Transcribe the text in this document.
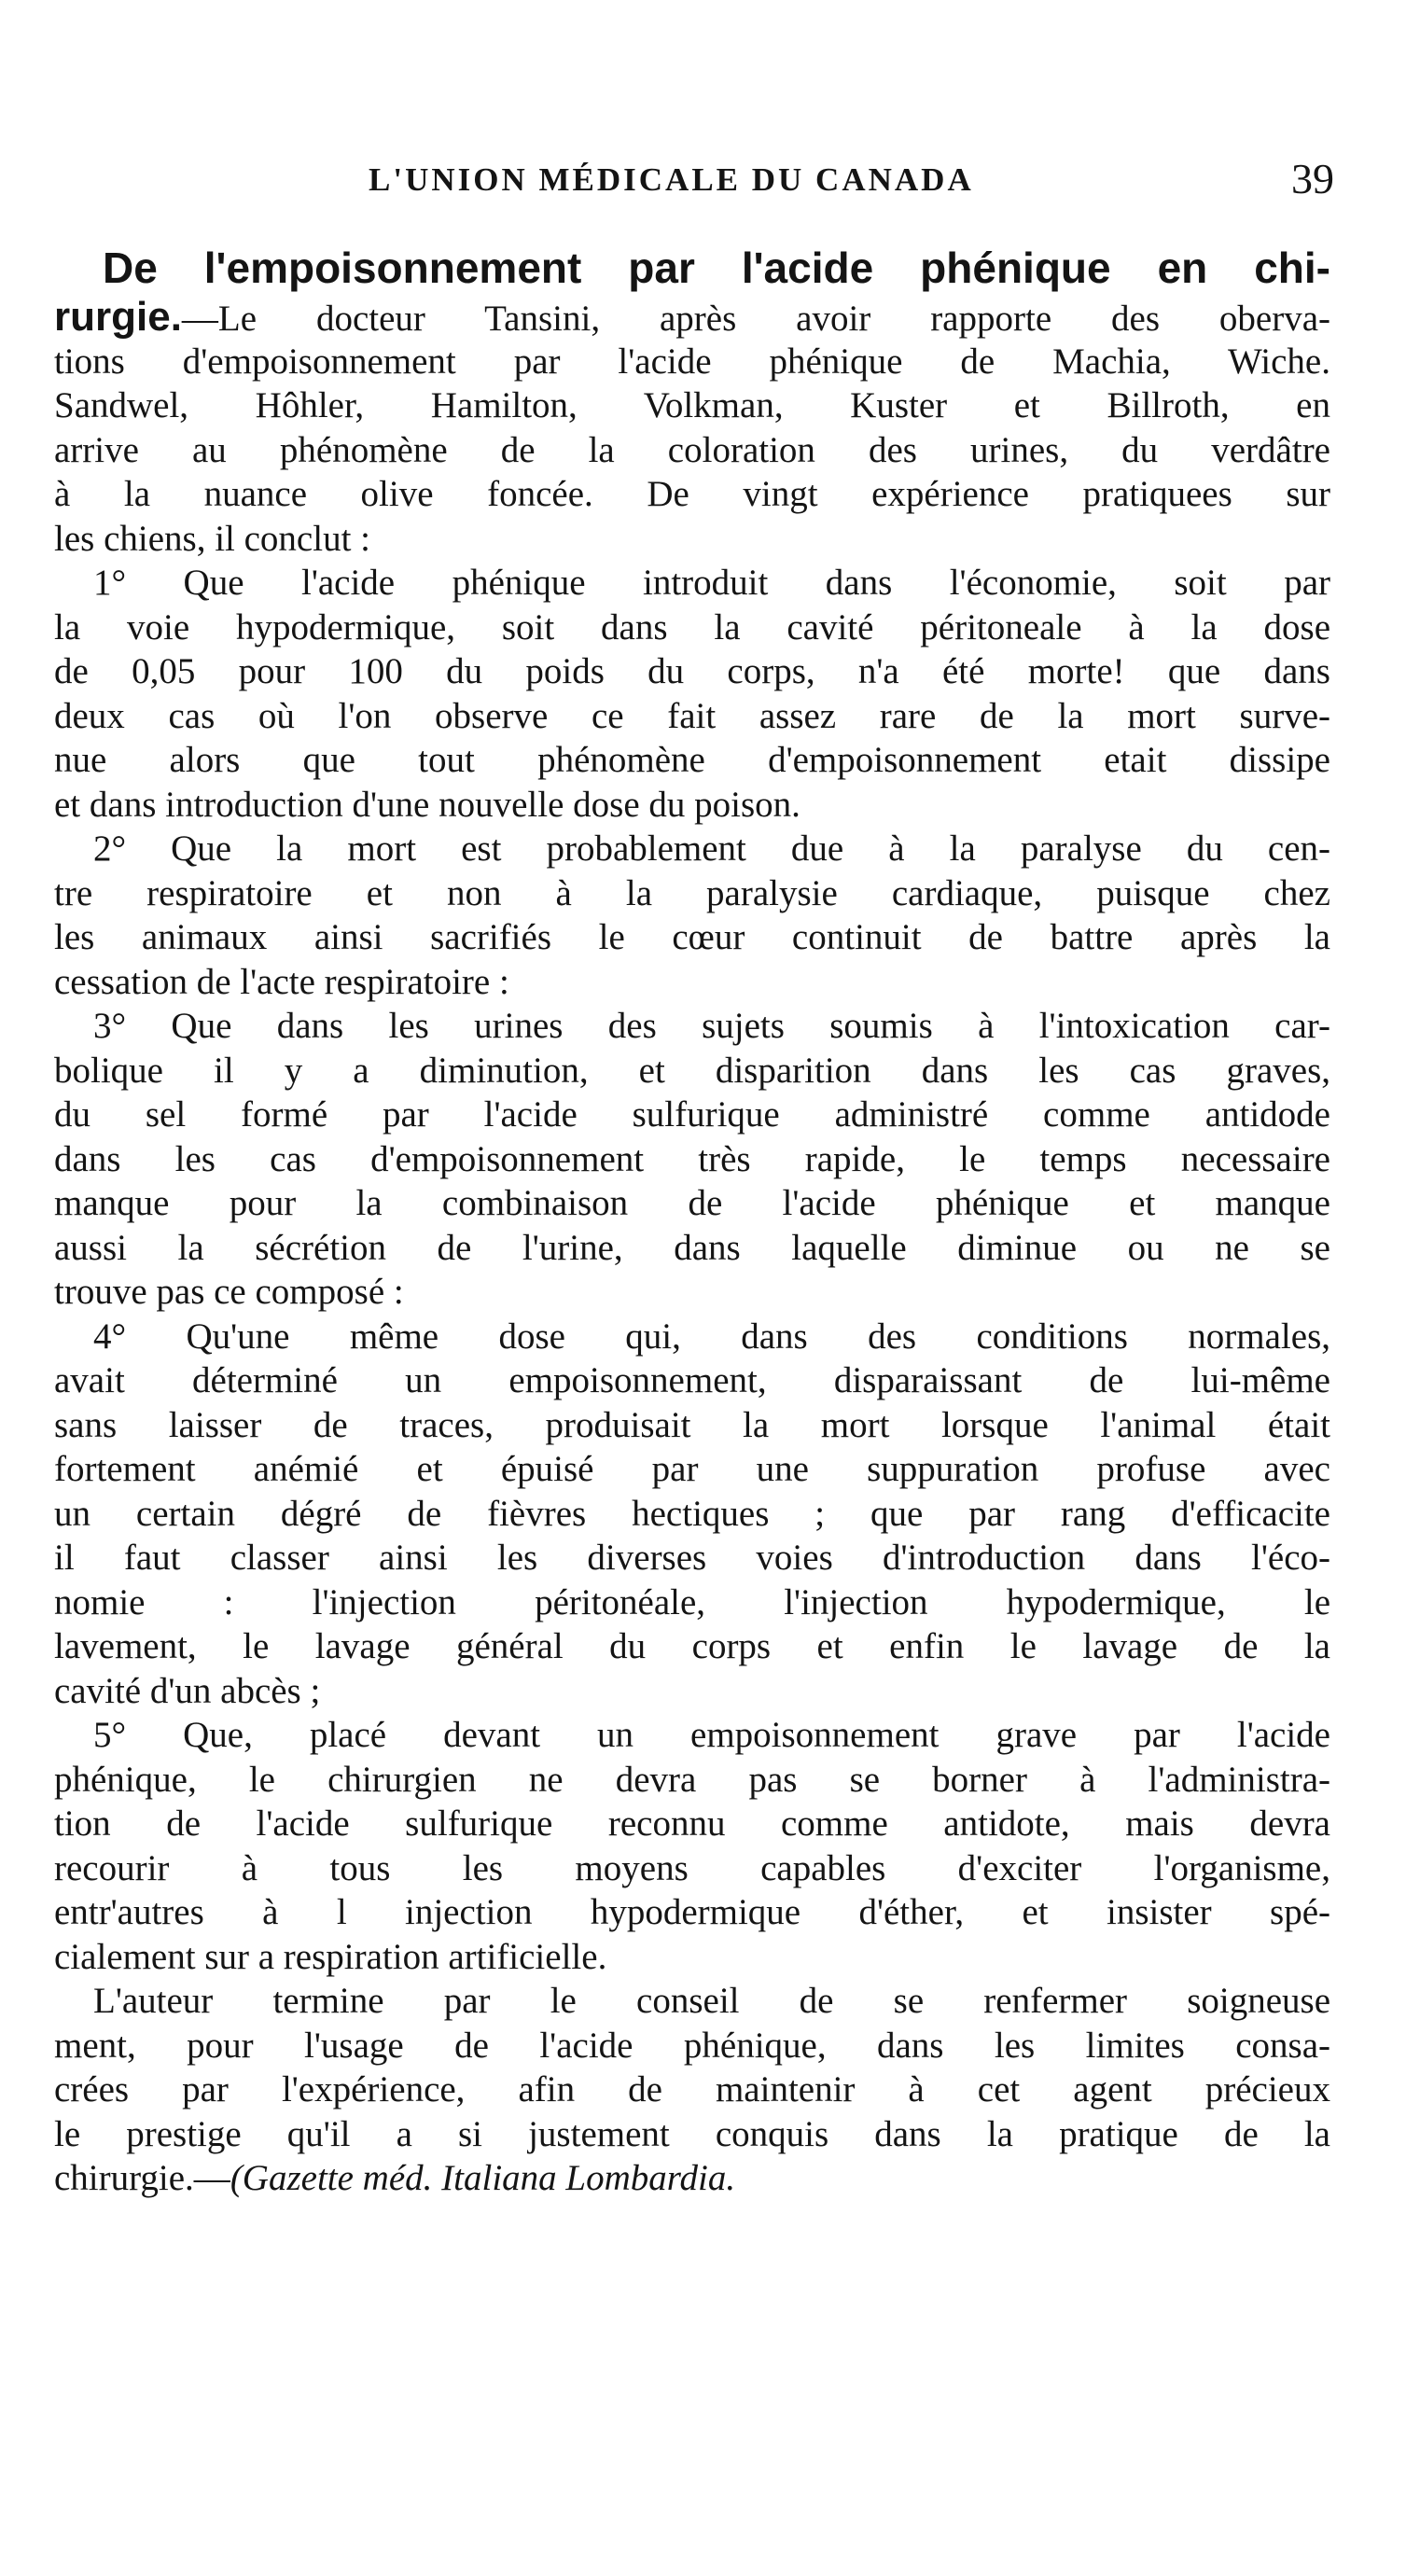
L'UNION MÉDICALE DU CANADA	39
De l'empoisonnement par l'acide phénique en chi-
rurgie.—Le docteur Tansini, après avoir rapporte des oberva-
tions d'empoisonnement par l'acide phénique de Machia, Wiche.
Sandwel, Hôhler, Hamilton, Volkman, Kuster et Billroth, en
arrive au phénomène de la coloration des urines, du verdâtre
à la nuance olive foncée. De vingt expérience pratiquees sur
les chiens, il conclut :
1° Que l'acide phénique introduit dans l'économie, soit par
la voie hypodermique, soit dans la cavité péritoneale à la dose
de 0,05 pour 100 du poids du corps, n'a été morte! que dans
deux cas où l'on observe ce fait assez rare de la mort surve-
nue alors que tout phénomène d'empoisonnement etait dissipe
et dans introduction d'une nouvelle dose du poison.
2° Que la mort est probablement due à la paralyse du cen-
tre respiratoire et non à la paralysie cardiaque, puisque chez
les animaux ainsi sacrifiés le cœur continuit de battre après la
cessation de l'acte respiratoire :
3° Que dans les urines des sujets soumis à l'intoxication car-
bolique il y a diminution, et disparition dans les cas graves,
du sel formé par l'acide sulfurique administré comme antidode
dans les cas d'empoisonnement très rapide, le temps necessaire
manque pour la combinaison de l'acide phénique et manque
aussi la sécrétion de l'urine, dans laquelle diminue ou ne se
trouve pas ce composé :
4° Qu'une même dose qui, dans des conditions normales,
avait déterminé un empoisonnement, disparaissant de lui-même
sans laisser de traces, produisait la mort lorsque l'animal était
fortement anémié et épuisé par une suppuration profuse avec
un certain dégré de fièvres hectiques ; que par rang d'efficacite
il faut classer ainsi les diverses voies d'introduction dans l'éco-
nomie : l'injection péritonéale, l'injection hypodermique, le
lavement, le lavage général du corps et enfin le lavage de la
cavité d'un abcès ;
5° Que, placé devant un empoisonnement grave par l'acide
phénique, le chirurgien ne devra pas se borner à l'administra-
tion de l'acide sulfurique reconnu comme antidote, mais devra
recourir à tous les moyens capables d'exciter l'organisme,
entr'autres à l injection hypodermique d'éther, et insister spé-
cialement sur a respiration artificielle.
L'auteur termine par le conseil de se renfermer soigneuse
ment, pour l'usage de l'acide phénique, dans les limites consa-
crées par l'expérience, afin de maintenir à cet agent précieux
le prestige qu'il a si justement conquis dans la pratique de la
chirurgie.—(Gazette méd. Italiana Lombardia.
